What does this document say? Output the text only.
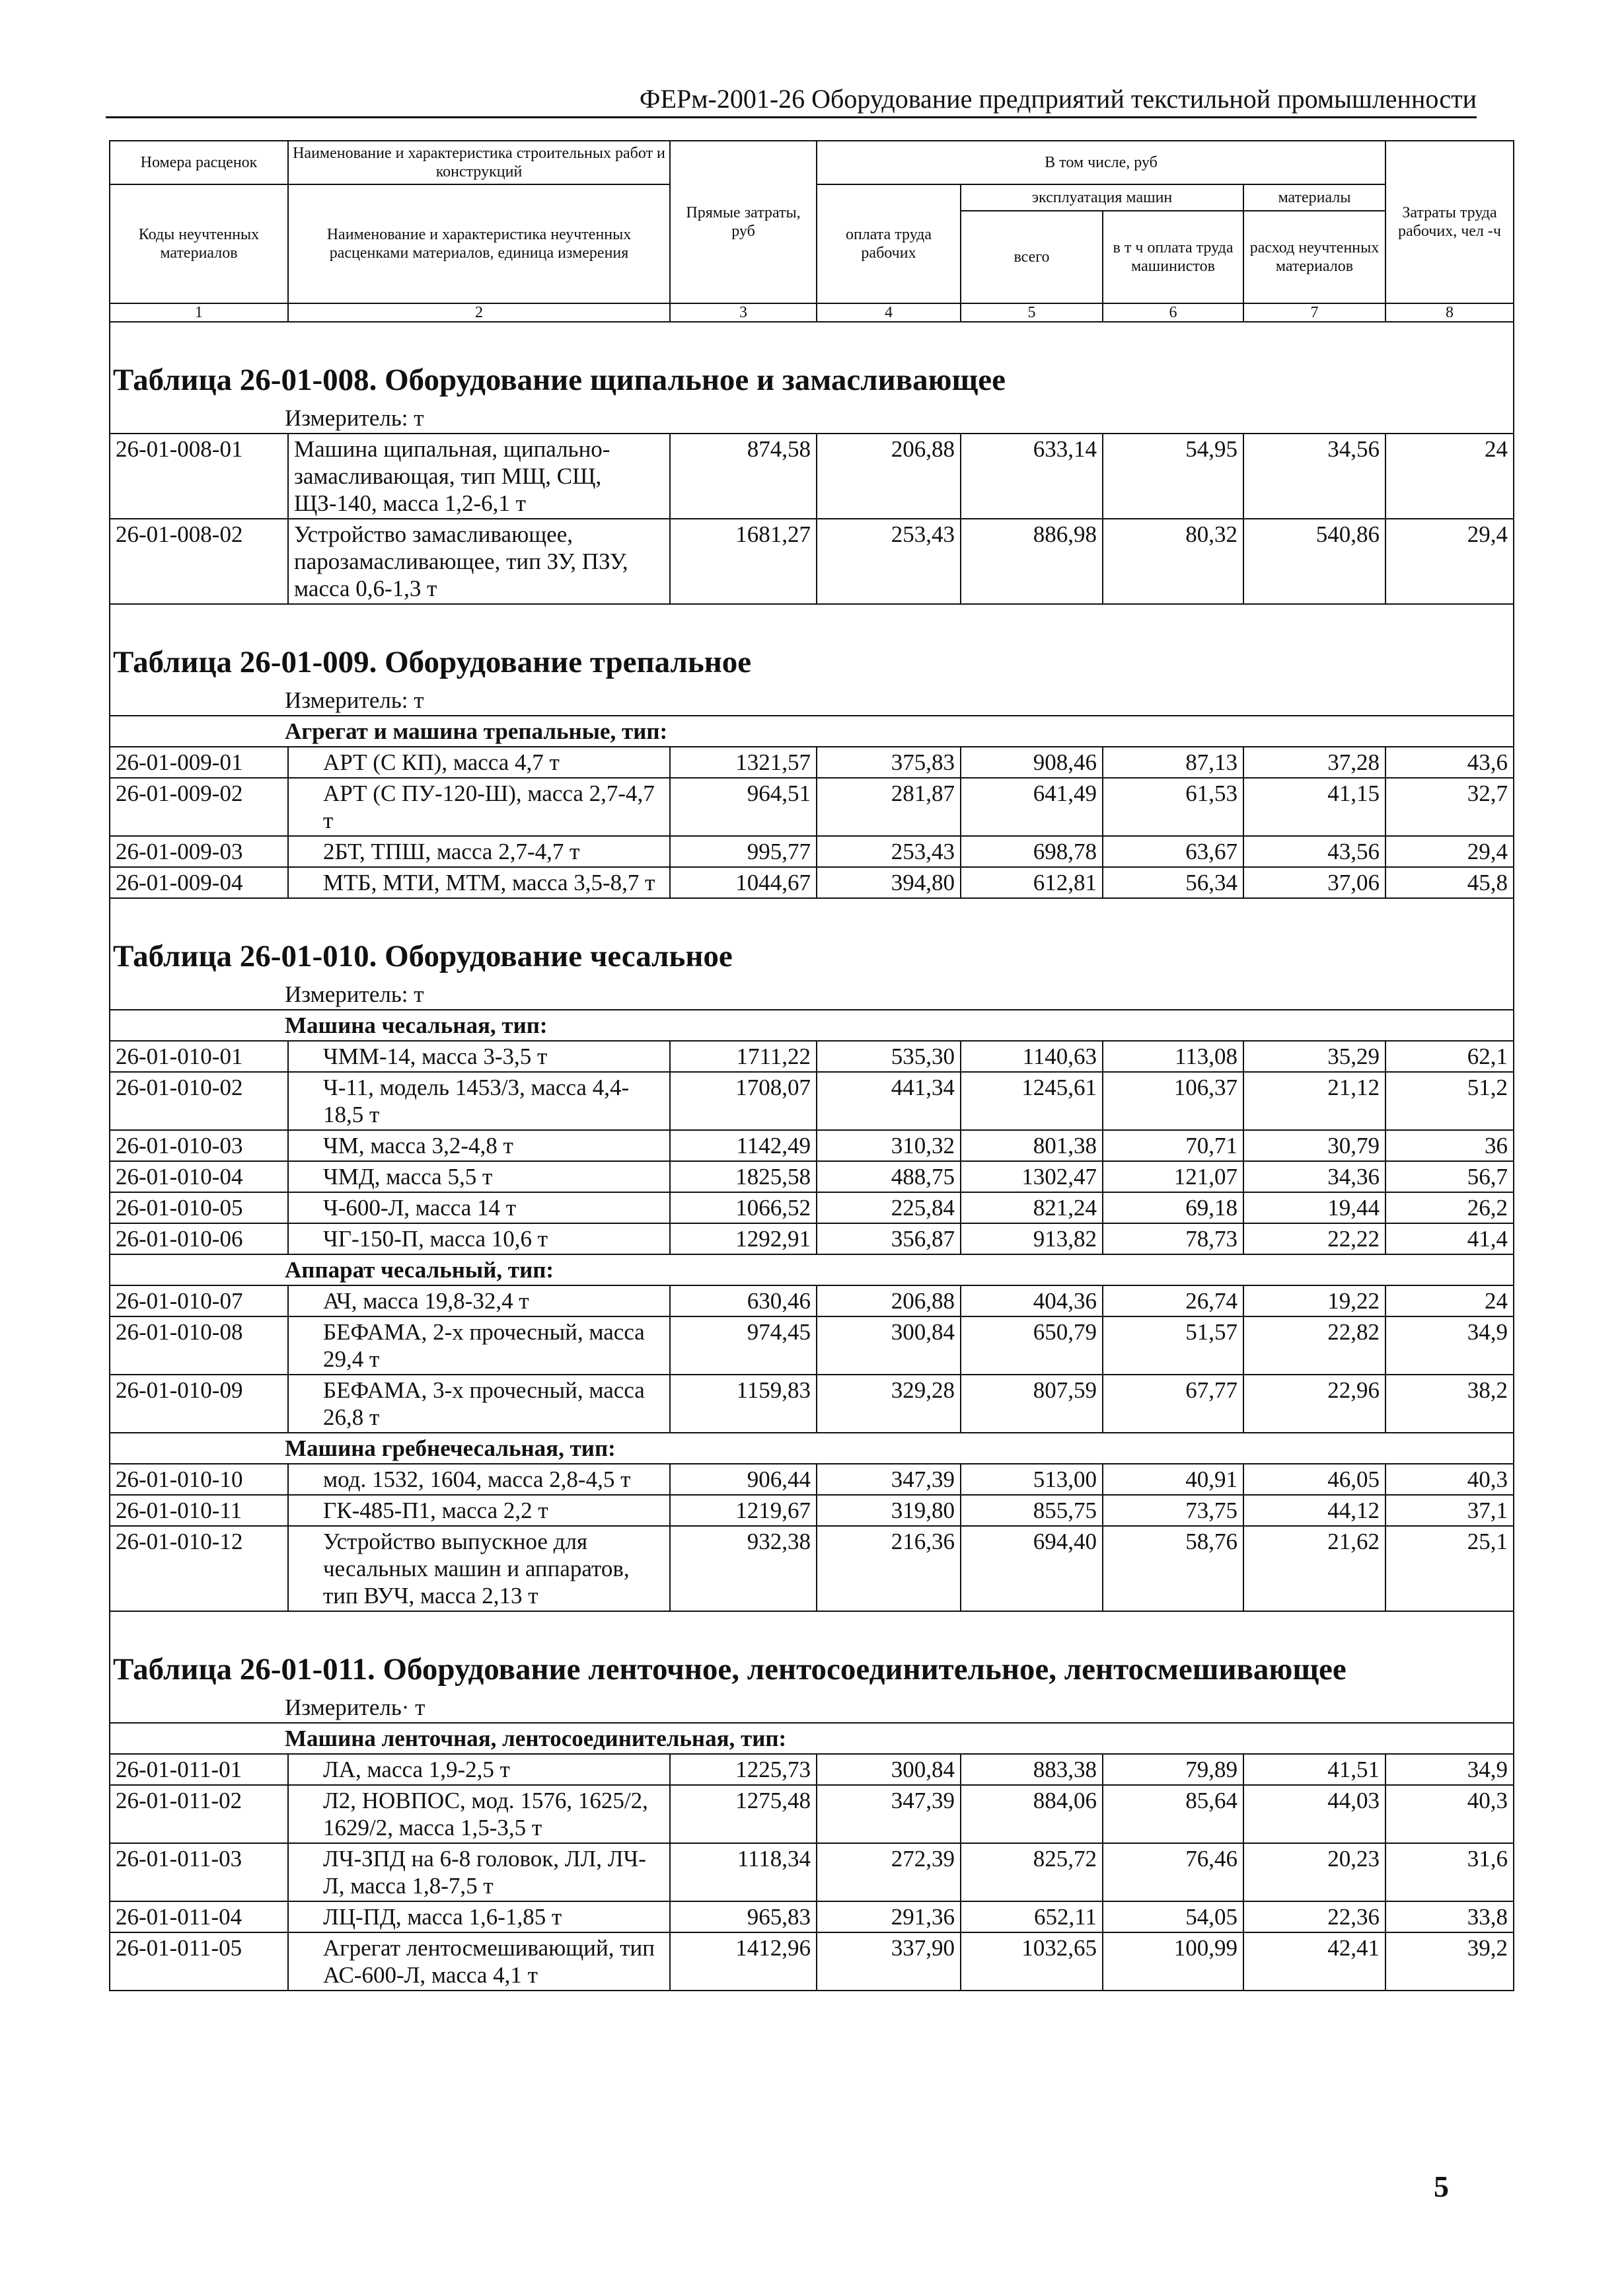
ФЕРм-2001-26 Оборудование предприятий текстильной промышленности
Номера расценок	Наименование и характеристика строительных работ и конструкций	Прямые затраты, руб	В том числе, руб				Затраты труда рабочих, чел -ч
Коды неучтенных материалов	Наименование и характеристика неучтенных расценками материалов, единица измерения		оплата труда рабочих	эксплуатация машин		материалы	
				всего	в т ч оплата труда машинистов	расход неучтенных материалов	
1	2	3	4	5	6	7	8
Таблица 26-01-008. Оборудование щипальное и замасливающее							
Измеритель: т							
26-01-008-01	Машина щипальная, щипально-замасливающая, тип МЩ, СЩ, ЩЗ-140, масса 1,2-6,1 т	874,58	206,88	633,14	54,95	34,56	24
26-01-008-02	Устройство замасливающее, парозамасливающее, тип ЗУ, ПЗУ, масса 0,6-1,3 т	1681,27	253,43	886,98	80,32	540,86	29,4
Таблица 26-01-009. Оборудование трепальное							
Измеритель: т							
Агрегат и машина трепальные, тип:							
26-01-009-01	АРТ (С КП), масса 4,7 т	1321,57	375,83	908,46	87,13	37,28	43,6
26-01-009-02	АРТ (С ПУ-120-Ш), масса 2,7-4,7 т	964,51	281,87	641,49	61,53	41,15	32,7
26-01-009-03	2БТ, ТПШ, масса 2,7-4,7 т	995,77	253,43	698,78	63,67	43,56	29,4
26-01-009-04	МТБ, МТИ, МТМ, масса 3,5-8,7 т	1044,67	394,80	612,81	56,34	37,06	45,8
Таблица 26-01-010. Оборудование чесальное							
Измеритель: т							
Машина чесальная, тип:							
26-01-010-01	ЧММ-14, масса 3-3,5 т	1711,22	535,30	1140,63	113,08	35,29	62,1
26-01-010-02	Ч-11, модель 1453/3, масса 4,4-18,5 т	1708,07	441,34	1245,61	106,37	21,12	51,2
26-01-010-03	ЧМ, масса 3,2-4,8 т	1142,49	310,32	801,38	70,71	30,79	36
26-01-010-04	ЧМД, масса 5,5 т	1825,58	488,75	1302,47	121,07	34,36	56,7
26-01-010-05	Ч-600-Л, масса 14 т	1066,52	225,84	821,24	69,18	19,44	26,2
26-01-010-06	ЧГ-150-П, масса 10,6 т	1292,91	356,87	913,82	78,73	22,22	41,4
Аппарат чесальный, тип:							
26-01-010-07	АЧ, масса 19,8-32,4 т	630,46	206,88	404,36	26,74	19,22	24
26-01-010-08	БЕФАМА, 2-х прочесный, масса 29,4 т	974,45	300,84	650,79	51,57	22,82	34,9
26-01-010-09	БЕФАМА, 3-х прочесный, масса 26,8 т	1159,83	329,28	807,59	67,77	22,96	38,2
Машина гребнечесальная, тип:							
26-01-010-10	мод. 1532, 1604, масса 2,8-4,5 т	906,44	347,39	513,00	40,91	46,05	40,3
26-01-010-11	ГК-485-П1, масса 2,2 т	1219,67	319,80	855,75	73,75	44,12	37,1
26-01-010-12	Устройство выпускное для чесальных машин и аппаратов, тип ВУЧ, масса 2,13 т	932,38	216,36	694,40	58,76	21,62	25,1
Таблица 26-01-011. Оборудование ленточное, лентосоединительное, лентосмешивающее							
Измеритель· т							
Машина ленточная, лентосоединительная, тип:							
26-01-011-01	ЛА, масса 1,9-2,5 т	1225,73	300,84	883,38	79,89	41,51	34,9
26-01-011-02	Л2, НОВПОС, мод. 1576, 1625/2, 1629/2, масса 1,5-3,5 т	1275,48	347,39	884,06	85,64	44,03	40,3
26-01-011-03	ЛЧ-ЗПД на 6-8 головок, ЛЛ, ЛЧ-Л, масса 1,8-7,5 т	1118,34	272,39	825,72	76,46	20,23	31,6
26-01-011-04	ЛЦ-ПД, масса 1,6-1,85 т	965,83	291,36	652,11	54,05	22,36	33,8
26-01-011-05	Агрегат лентосмешивающий, тип АС-600-Л, масса 4,1 т	1412,96	337,90	1032,65	100,99	42,41	39,2
5
